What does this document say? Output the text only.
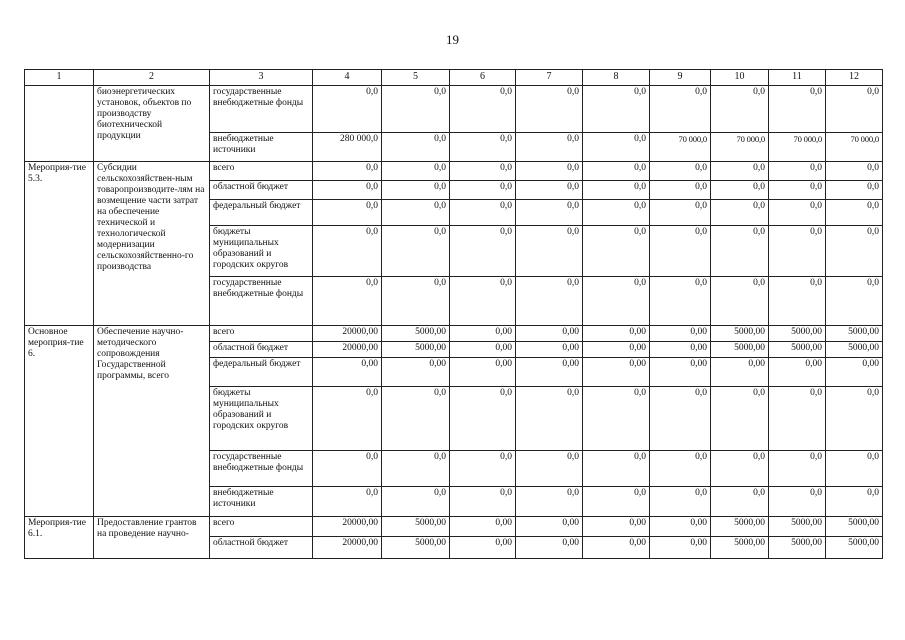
19
1	2	3	4	5	6	7	8	9	10	11	12
	биоэнергетических установок, объектов по производству биотехнической продукции	государственные внебюджетные фонды	0,0	0,0	0,0	0,0	0,0	0,0	0,0	0,0	0,0
		внебюджетные источники	280 000,0	0,0	0,0	0,0	0,0	70 000,0	70 000,0	70 000,0	70 000,0
Мероприя-тие 5.3.	Субсидии сельскохозяйствен-ным товаропроизводите-лям на возмещение части затрат на обеспечение технической и технологической модернизации сельскохозяйственно-го производства	всего	0,0	0,0	0,0	0,0	0,0	0,0	0,0	0,0	0,0
		областной бюджет	0,0	0,0	0,0	0,0	0,0	0,0	0,0	0,0	0,0
		федеральный бюджет	0,0	0,0	0,0	0,0	0,0	0,0	0,0	0,0	0,0
		бюджеты муниципальных образований и городских округов	0,0	0,0	0,0	0,0	0,0	0,0	0,0	0,0	0,0
		государственные внебюджетные фонды	0,0	0,0	0,0	0,0	0,0	0,0	0,0	0,0	0,0
Основное мероприя-тие 6.	Обеспечение научно-методического сопровождения Государственной программы, всего	всего	20000,00	5000,00	0,00	0,00	0,00	0,00	5000,00	5000,00	5000,00
		областной бюджет	20000,00	5000,00	0,00	0,00	0,00	0,00	5000,00	5000,00	5000,00
		федеральный бюджет	0,00	0,00	0,00	0,00	0,00	0,00	0,00	0,00	0,00
		бюджеты муниципальных образований и городских округов	0,0	0,0	0,0	0,0	0,0	0,0	0,0	0,0	0,0
		государственные внебюджетные фонды	0,0	0,0	0,0	0,0	0,0	0,0	0,0	0,0	0,0
		внебюджетные источники	0,0	0,0	0,0	0,0	0,0	0,0	0,0	0,0	0,0
Мероприя-тие 6.1.	Предоставление грантов на проведение научно-	всего	20000,00	5000,00	0,00	0,00	0,00	0,00	5000,00	5000,00	5000,00
		областной бюджет	20000,00	5000,00	0,00	0,00	0,00	0,00	5000,00	5000,00	5000,00
